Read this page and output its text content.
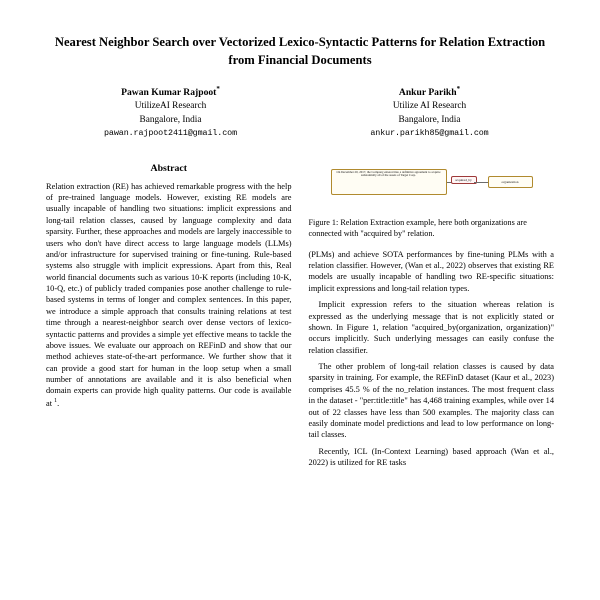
Nearest Neighbor Search over Vectorized Lexico-Syntactic Patterns for Relation Extraction from Financial Documents
Pawan Kumar Rajpoot*
UtilizeAI Research
Bangalore, India
pawan.rajpoot2411@gmail.com
Ankur Parikh*
Utilize AI Research
Bangalore, India
ankur.parikh85@gmail.com
Abstract

Relation extraction (RE) has achieved remarkable progress with the help of pre-trained language models. However, existing RE models are usually incapable of handling two situations: implicit expressions and long-tail relation classes, caused by language complexity and data sparsity. Further, these approaches and models are largely inaccessible to users who don't have direct access to large language models (LLMs) and/or infrastructure for supervised training or fine-tuning. Rule-based systems also struggle with implicit expressions. Apart from this, Real world financial documents such as various 10-K reports (including 10-K, 10-Q, etc.) of publicly traded companies pose another challenge to rule-based systems in terms of longer and complex sentences. In this paper, we introduce a simple approach that consults training relations at test time through a nearest-neighbor search over dense vectors of lexico-syntactic patterns and provides a simple yet effective means to tackle the above issues. We evaluate our approach on REFinD and show that our method achieves state-of-the-art performance. We further show that it can provide a good start for human in the loop setup when a small number of annotations are available and it is also beneficial when domain experts can provide high quality patterns. Our code is available at $^1$.

On December 20, 2017, the Company entered into a definitive agreement to acquire substantially all of the assets of Target Corp.
acquired_by	organization
Figure 1: Relation Extraction example, here both organizations are connected with "acquired by" relation.

(PLMs) and achieve SOTA performances by fine-tuning PLMs with a relation classifier. However, (Wan et al., 2022) observes that existing RE models are usually incapable of handling two RE-specific situations: implicit expressions and long-tail relation types.

Implicit expression refers to the situation whereas relation is expressed as the underlying message that is not explicitly stated or shown. In Figure 1, relation "acquired_by(organization, organization)" occurs implicitly. Such underlying messages can easily confuse the relation classifier.

The other problem of long-tail relation classes is caused by data sparsity in training. For example, the REFinD dataset (Kaur et al., 2023) comprises 45.5 % of the no_relation instances. The most frequent class in the dataset - "per:title:title" has 4,468 training examples, while over 14 out of 22 classes have less than 500 examples. The majority class can easily dominate model predictions and lead to low performance on long-tail classes.

Recently, ICL (In-Context Learning) based approach (Wan et al., 2022) is utilized for RE tasks
